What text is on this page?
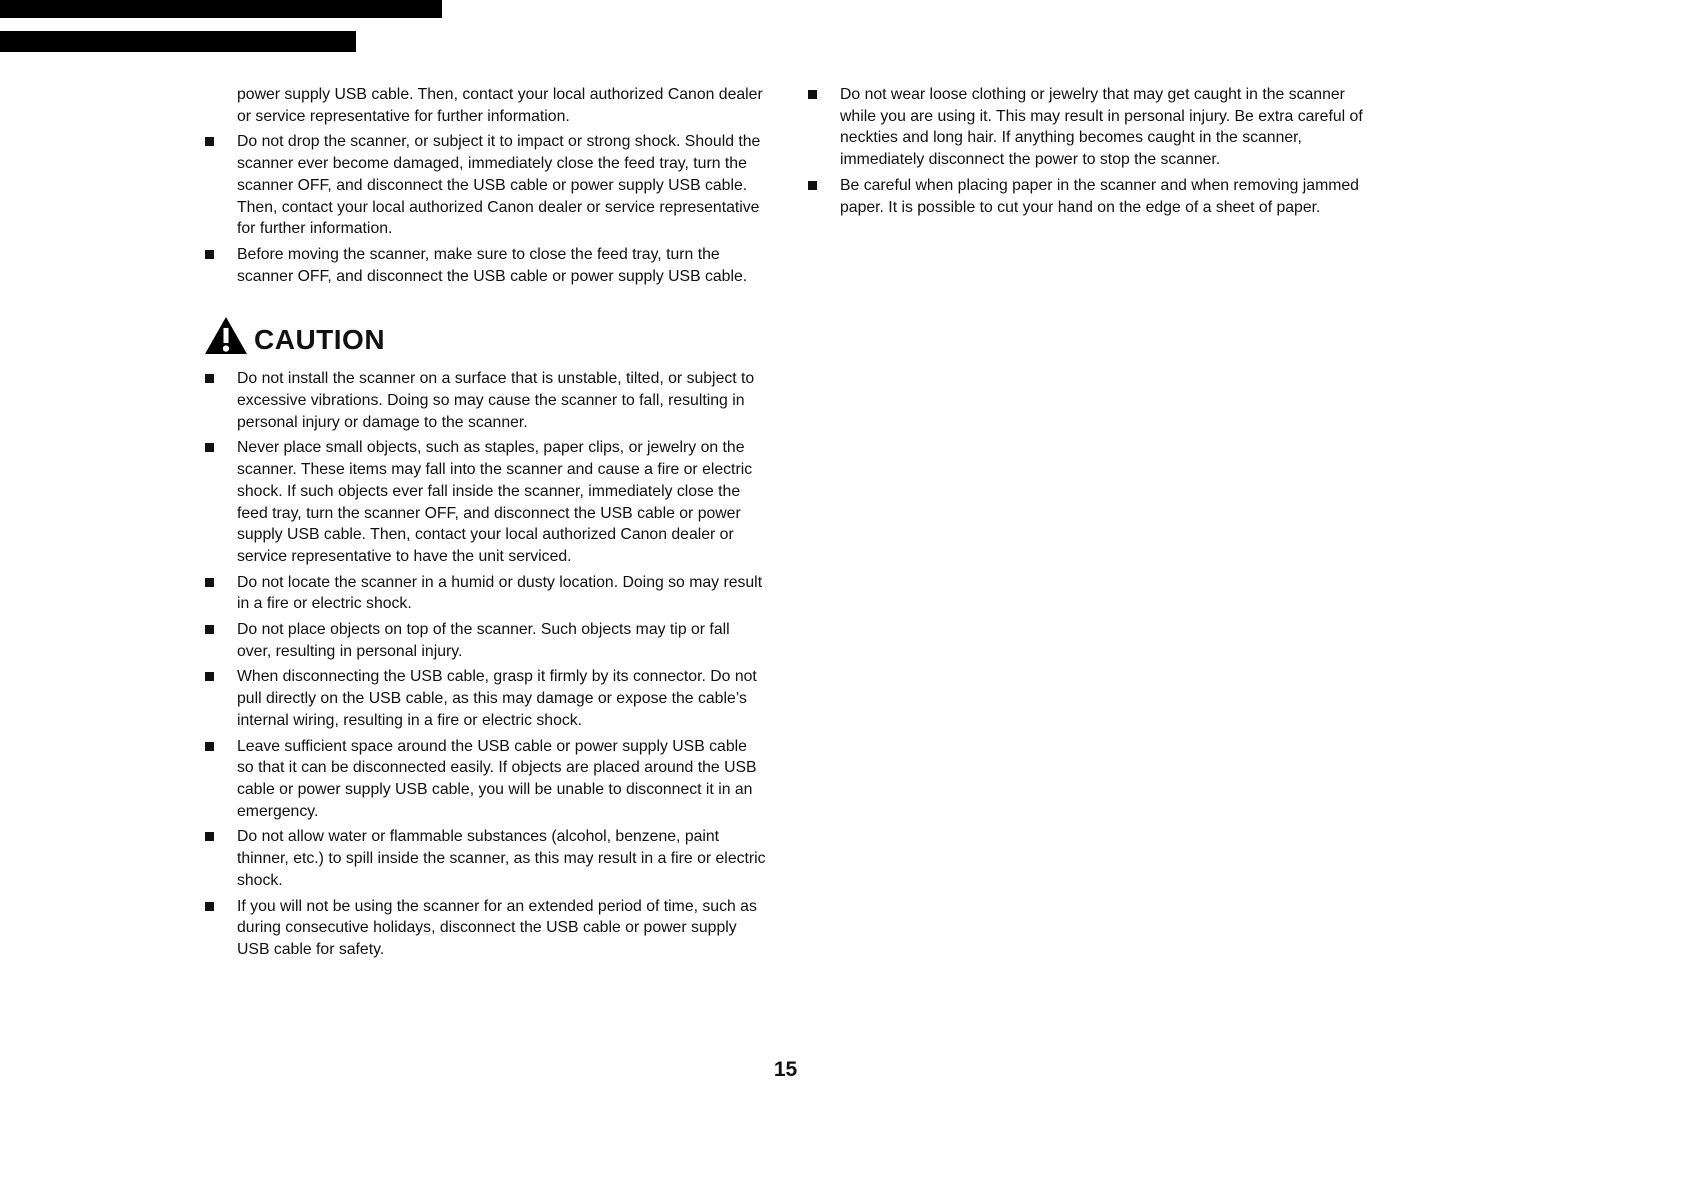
power supply USB cable. Then, contact your local authorized Canon dealer or service representative for further information.

Do not drop the scanner, or subject it to impact or strong shock. Should the scanner ever become damaged, immediately close the feed tray, turn the scanner OFF, and disconnect the USB cable or power supply USB cable. Then, contact your local authorized Canon dealer or service representative for further information.
Before moving the scanner, make sure to close the feed tray, turn the scanner OFF, and disconnect the USB cable or power supply USB cable.
CAUTION
Do not install the scanner on a surface that is unstable, tilted, or subject to excessive vibrations. Doing so may cause the scanner to fall, resulting in personal injury or damage to the scanner.
Never place small objects, such as staples, paper clips, or jewelry on the scanner. These items may fall into the scanner and cause a fire or electric shock. If such objects ever fall inside the scanner, immediately close the feed tray, turn the scanner OFF, and disconnect the USB cable or power supply USB cable. Then, contact your local authorized Canon dealer or service representative to have the unit serviced.
Do not locate the scanner in a humid or dusty location. Doing so may result in a fire or electric shock.
Do not place objects on top of the scanner. Such objects may tip or fall over, resulting in personal injury.
When disconnecting the USB cable, grasp it firmly by its connector. Do not pull directly on the USB cable, as this may damage or expose the cable’s internal wiring, resulting in a fire or electric shock.
Leave sufficient space around the USB cable or power supply USB cable so that it can be disconnected easily. If objects are placed around the USB cable or power supply USB cable, you will be unable to disconnect it in an emergency.
Do not allow water or flammable substances (alcohol, benzene, paint thinner, etc.) to spill inside the scanner, as this may result in a fire or electric shock.
If you will not be using the scanner for an extended period of time, such as during consecutive holidays, disconnect the USB cable or power supply USB cable for safety.
Do not wear loose clothing or jewelry that may get caught in the scanner while you are using it. This may result in personal injury. Be extra careful of neckties and long hair. If anything becomes caught in the scanner, immediately disconnect the power to stop the scanner.
Be careful when placing paper in the scanner and when removing jammed paper. It is possible to cut your hand on the edge of a sheet of paper.
15
